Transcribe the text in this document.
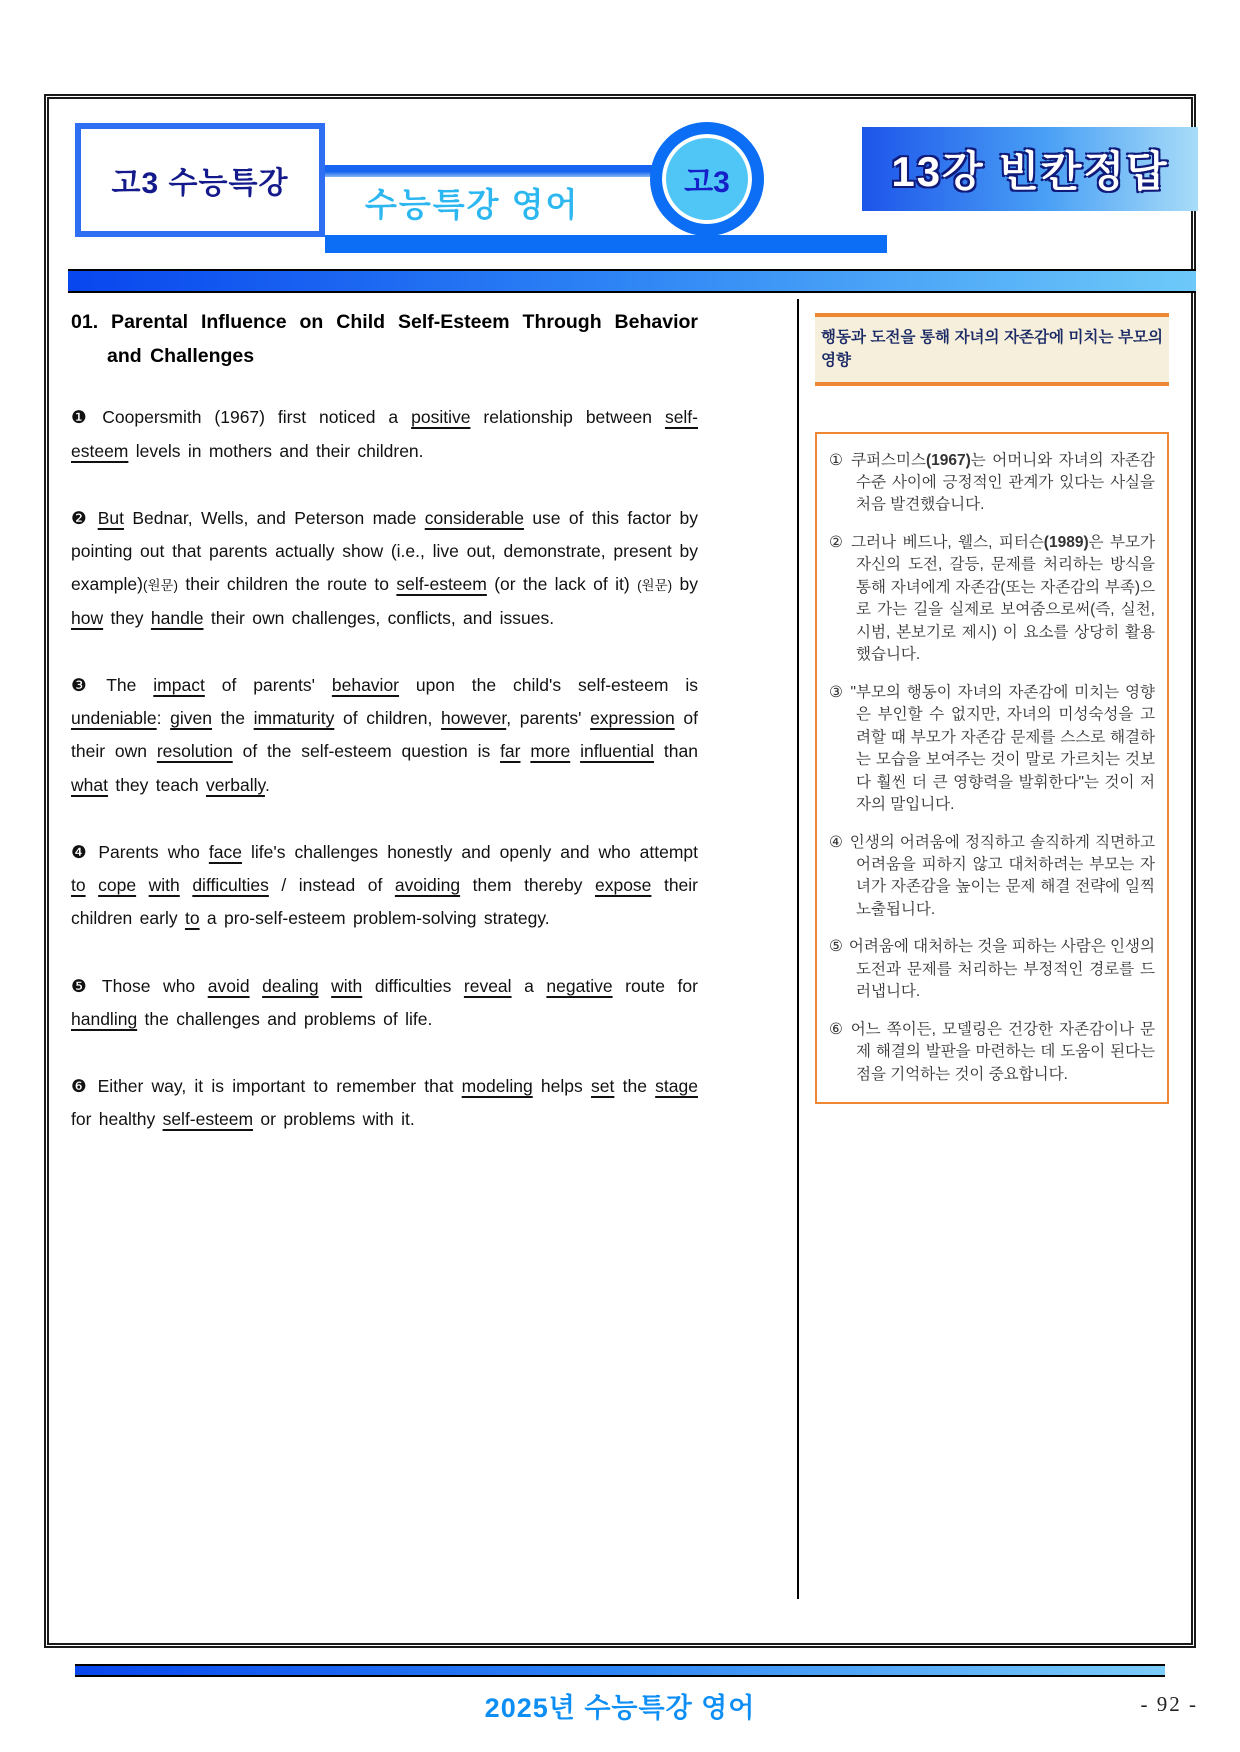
고3 수능특강
수능특강 영어
고3	13강 빈칸정답

01. Parental Influence on Child Self-Esteem Through Behavior and Challenges

❶ Coopersmith (1967) first noticed a positive relationship between self-esteem levels in mothers and their children.

❷ But Bednar, Wells, and Peterson made considerable use of this factor by pointing out that parents actually show (i.e., live out, demonstrate, present by example)(원문) their children the route to self-esteem (or the lack of it) (원문) by how they handle their own challenges, conflicts, and issues.

❸ The impact of parents' behavior upon the child's self-esteem is undeniable: given the immaturity of children, however, parents' expression of their own resolution of the self-esteem question is far more influential than what they teach verbally.

❹ Parents who face life's challenges honestly and openly and who attempt to cope with difficulties / instead of avoiding them thereby expose their children early to a pro-self-esteem problem-solving strategy.

❺ Those who avoid dealing with difficulties reveal a negative route for handling the challenges and problems of life.

❻ Either way, it is important to remember that modeling helps set the stage for healthy self-esteem or problems with it.

행동과 도전을 통해 자녀의 자존감에 미치는 부모의 영향

① 쿠퍼스미스(1967)는 어머니와 자녀의 자존감 수준 사이에 긍정적인 관계가 있다는 사실을 처음 발견했습니다.

② 그러나 베드나, 웰스, 피터슨(1989)은 부모가 자신의 도전, 갈등, 문제를 처리하는 방식을 통해 자녀에게 자존감(또는 자존감의 부족)으로 가는 길을 실제로 보여줌으로써(즉, 실천, 시범, 본보기로 제시) 이 요소를 상당히 활용했습니다.

③ "부모의 행동이 자녀의 자존감에 미치는 영향은 부인할 수 없지만, 자녀의 미성숙성을 고려할 때 부모가 자존감 문제를 스스로 해결하는 모습을 보여주는 것이 말로 가르치는 것보다 훨씬 더 큰 영향력을 발휘한다"는 것이 저자의 말입니다.

④ 인생의 어려움에 정직하고 솔직하게 직면하고 어려움을 피하지 않고 대처하려는 부모는 자녀가 자존감을 높이는 문제 해결 전략에 일찍 노출됩니다.

⑤ 어려움에 대처하는 것을 피하는 사람은 인생의 도전과 문제를 처리하는 부정적인 경로를 드러냅니다.

⑥ 어느 쪽이든, 모델링은 건강한 자존감이나 문제 해결의 발판을 마련하는 데 도움이 된다는 점을 기억하는 것이 중요합니다.

2025년 수능특강 영어	- 92 -
